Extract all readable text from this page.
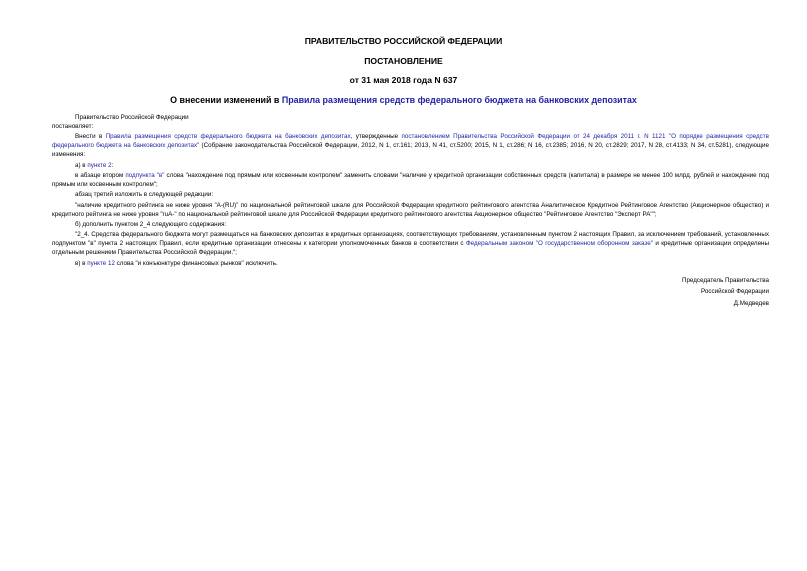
ПРАВИТЕЛЬСТВО РОССИЙСКОЙ ФЕДЕРАЦИИ
ПОСТАНОВЛЕНИЕ
от 31 мая 2018 года N 637
О внесении изменений в Правила размещения средств федерального бюджета на банковских депозитах

Правительство Российской Федерации

постановляет:

Внести в Правила размещения средств федерального бюджета на банковских депозитах, утвержденные постановлением Правительства Российской Федерации от 24 декабря 2011 г. N 1121 "О порядке размещения средств федерального бюджета на банковских депозитах" (Собрание законодательства Российской Федерации, 2012, N 1, ст.161; 2013, N 41, ст.5200; 2015, N 1, ст.286; N 16, ст.2385; 2016, N 20, ст.2829; 2017, N 28, ст.4133; N 34, ст.5281), следующие изменения:

а) в пункте 2:

в абзаце втором подпункта "в" слова "нахождение под прямым или косвенным контролем" заменить словами "наличие у кредитной организации собственных средств (капитала) в размере не менее 100 млрд. рублей и нахождение под прямым или косвенным контролем";

абзац третий изложить в следующей редакции:

"наличие кредитного рейтинга не ниже уровня "A-(RU)" по национальной рейтинговой шкале для Российской Федерации кредитного рейтингового агентства Аналитическое Кредитное Рейтинговое Агентство (Акционерное общество) и кредитного рейтинга не ниже уровня "ruA-" по национальной рейтинговой шкале для Российской Федерации кредитного рейтингового агентства Акционерное общество "Рейтинговое Агентство "Эксперт РА"";

б) дополнить пунктом 2_4 следующего содержания:

"2_4. Средства федерального бюджета могут размещаться на банковских депозитах в кредитных организациях, соответствующих требованиям, установленным пунктом 2 настоящих Правил, за исключением требований, установленных подпунктом "в" пункта 2 настоящих Правил, если кредитные организации отнесены к категории уполномоченных банков в соответствии с Федеральным законом "О государственном оборонном заказе" и кредитные организации определены отдельным решением Правительства Российской Федерации.";

в) в пункте 12 слова "и конъюнктуре финансовых рынков" исключить.

Председатель Правительства

Российской Федерации

Д.Медведев
